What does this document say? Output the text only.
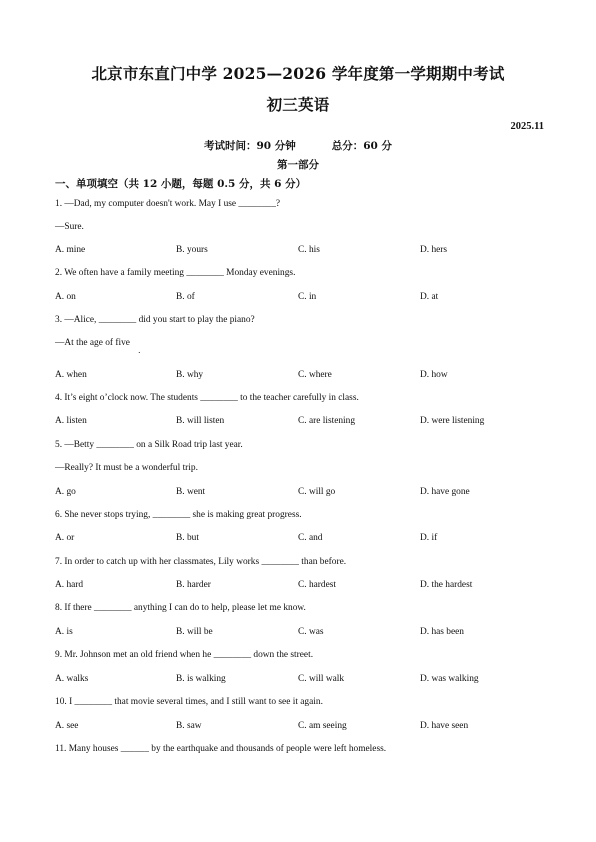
北京市东直门中学 2025—2026 学年度第一学期期中考试
初三英语
2025.11
考试时间：90 分钟	总分：60 分
第一部分
一、单项填空（共 12 小题，每题 0.5 分，共 6 分）
1. —Dad, my computer doesn't work. May I use ________?
—Sure.
A. mine	B. yours	C. his	D. hers
2. We often have a family meeting ________ Monday evenings.
A. on	B. of	C. in	D. at
3. —Alice, ________ did you start to play the piano?
—At the age of five
.
A. when	B. why	C. where	D. how
4. It’s eight o’clock now. The students ________ to the teacher carefully in class.
A. listen	B. will listen	C. are listening	D. were listening
5. —Betty ________ on a Silk Road trip last year.
—Really? It must be a wonderful trip.
A. go	B. went	C. will go	D. have gone
6. She never stops trying, ________ she is making great progress.
A. or	B. but	C. and	D. if
7. In order to catch up with her classmates, Lily works ________ than before.
A. hard	B. harder	C. hardest	D. the hardest
8. If there ________ anything I can do to help, please let me know.
A. is	B. will be	C. was	D. has been
9. Mr. Johnson met an old friend when he ________ down the street.
A. walks	B. is walking	C. will walk	D. was walking
10. I ________ that movie several times, and I still want to see it again.
A. see	B. saw	C. am seeing	D. have seen
11. Many houses ______ by the earthquake and thousands of people were left homeless.
